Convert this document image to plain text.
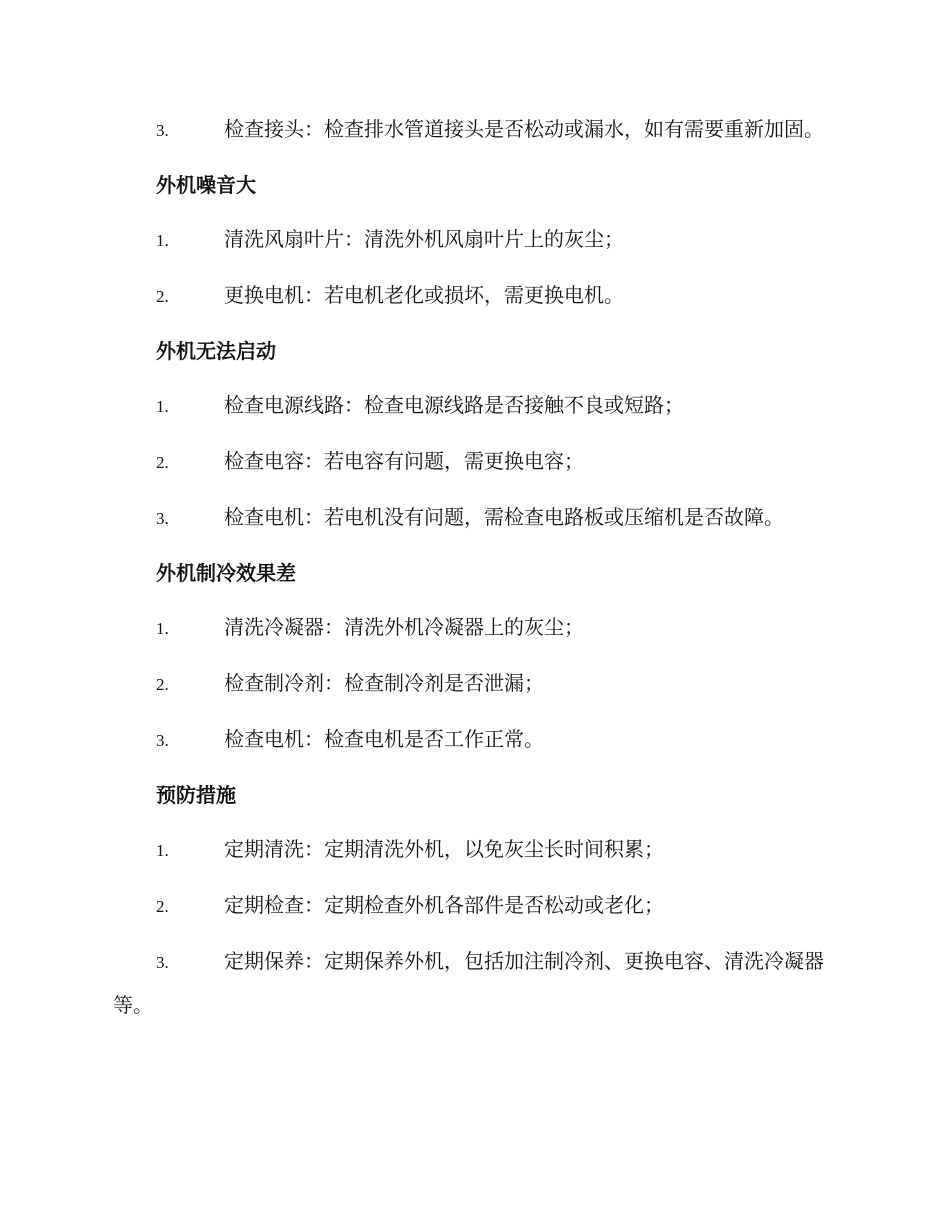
3.	检查接头：检查排水管道接头是否松动或漏水，如有需要重新加固。

外机噪音大

1.	清洗风扇叶片：清洗外机风扇叶片上的灰尘；

2.	更换电机：若电机老化或损坏，需更换电机。

外机无法启动

1.	检查电源线路：检查电源线路是否接触不良或短路；

2.	检查电容：若电容有问题，需更换电容；

3.	检查电机：若电机没有问题，需检查电路板或压缩机是否故障。

外机制冷效果差

1.	清洗冷凝器：清洗外机冷凝器上的灰尘；

2.	检查制冷剂：检查制冷剂是否泄漏；

3.	检查电机：检查电机是否工作正常。

预防措施

1.	定期清洗：定期清洗外机，以免灰尘长时间积累；

2.	定期检查：定期检查外机各部件是否松动或老化；

3.	定期保养：定期保养外机，包括加注制冷剂、更换电容、清洗冷凝器等。
